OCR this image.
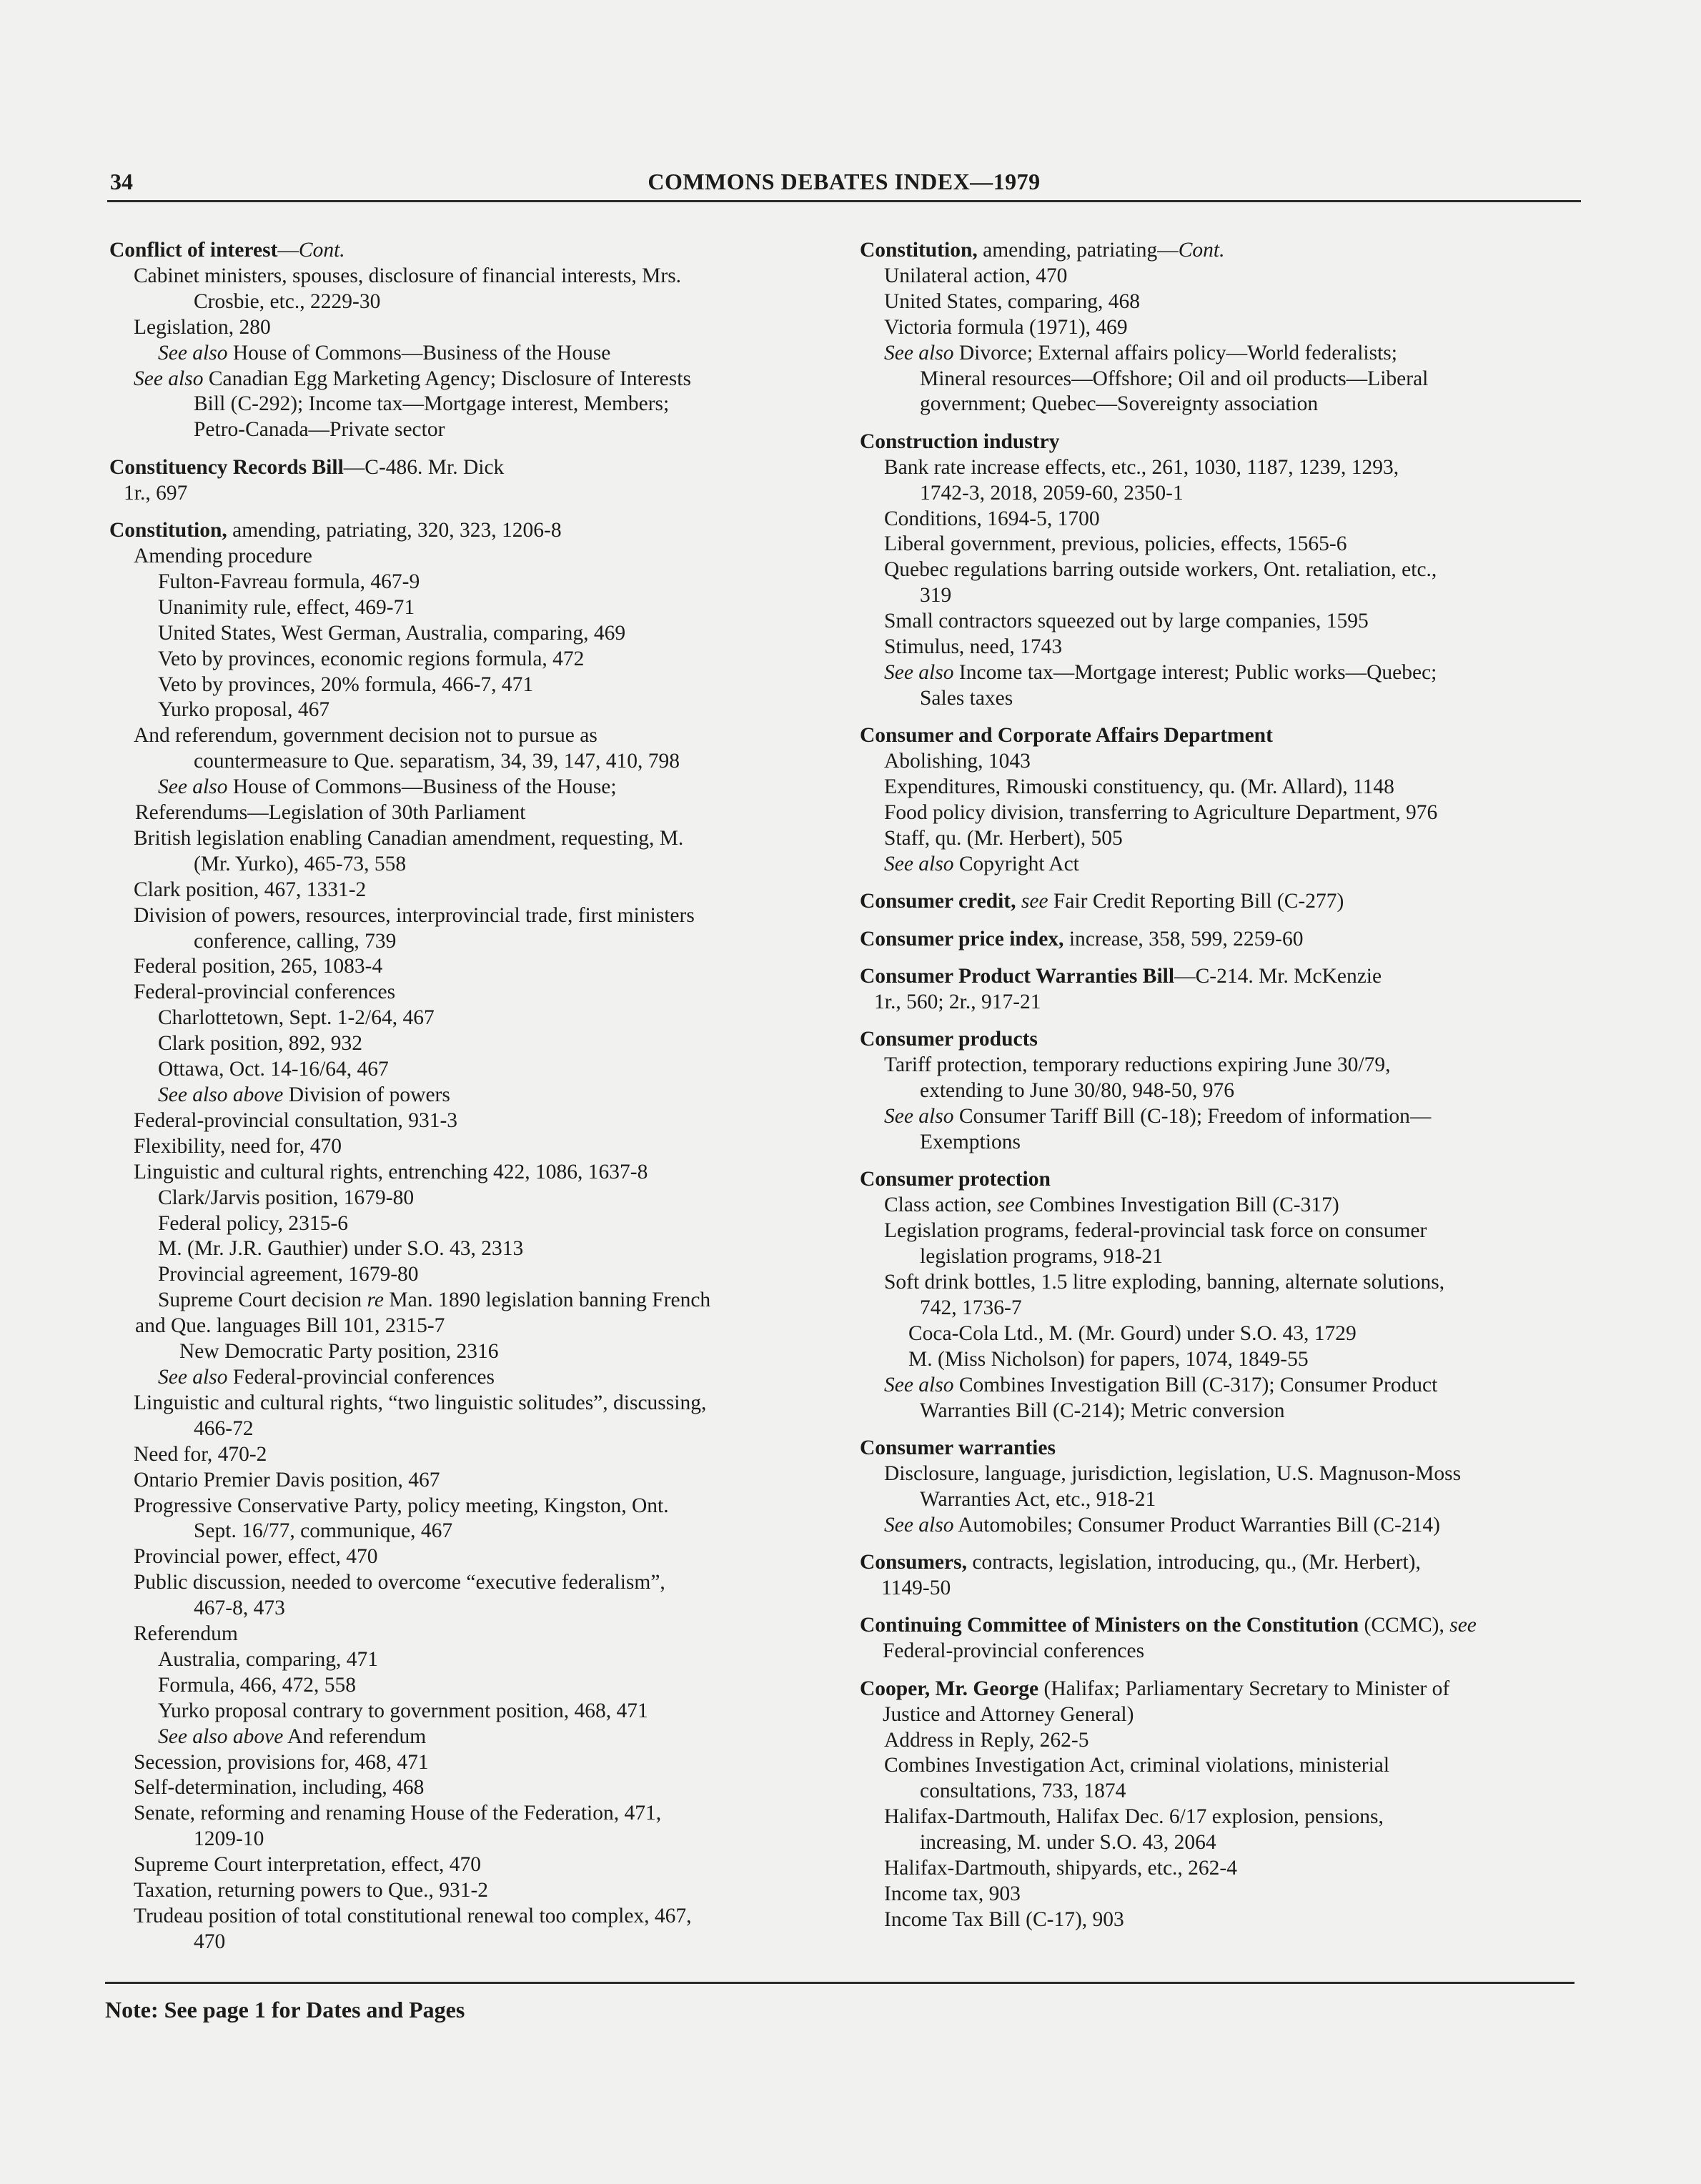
34	COMMONS DEBATES INDEX—1979
Conflict of interest—Cont.
Cabinet ministers, spouses, disclosure of financial interests, Mrs.
Crosbie, etc., 2229-30
Legislation, 280
See also House of Commons—Business of the House
See also Canadian Egg Marketing Agency; Disclosure of Interests
Bill (C-292); Income tax—Mortgage interest, Members;
Petro-Canada—Private sector
Constituency Records Bill—C-486. Mr. Dick
1r., 697
Constitution, amending, patriating, 320, 323, 1206-8
Amending procedure
Fulton-Favreau formula, 467-9
Unanimity rule, effect, 469-71
United States, West German, Australia, comparing, 469
Veto by provinces, economic regions formula, 472
Veto by provinces, 20% formula, 466-7, 471
Yurko proposal, 467
And referendum, government decision not to pursue as
countermeasure to Que. separatism, 34, 39, 147, 410, 798
See also House of Commons—Business of the House;
Referendums—Legislation of 30th Parliament
British legislation enabling Canadian amendment, requesting, M.
(Mr. Yurko), 465-73, 558
Clark position, 467, 1331-2
Division of powers, resources, interprovincial trade, first ministers
conference, calling, 739
Federal position, 265, 1083-4
Federal-provincial conferences
Charlottetown, Sept. 1-2/64, 467
Clark position, 892, 932
Ottawa, Oct. 14-16/64, 467
See also above Division of powers
Federal-provincial consultation, 931-3
Flexibility, need for, 470
Linguistic and cultural rights, entrenching 422, 1086, 1637-8
Clark/Jarvis position, 1679-80
Federal policy, 2315-6
M. (Mr. J.R. Gauthier) under S.O. 43, 2313
Provincial agreement, 1679-80
Supreme Court decision re Man. 1890 legislation banning French
and Que. languages Bill 101, 2315-7
New Democratic Party position, 2316
See also Federal-provincial conferences
Linguistic and cultural rights, “two linguistic solitudes”, discussing,
466-72
Need for, 470-2
Ontario Premier Davis position, 467
Progressive Conservative Party, policy meeting, Kingston, Ont.
Sept. 16/77, communique, 467
Provincial power, effect, 470
Public discussion, needed to overcome “executive federalism”,
467-8, 473
Referendum
Australia, comparing, 471
Formula, 466, 472, 558
Yurko proposal contrary to government position, 468, 471
See also above And referendum
Secession, provisions for, 468, 471
Self-determination, including, 468
Senate, reforming and renaming House of the Federation, 471,
1209-10
Supreme Court interpretation, effect, 470
Taxation, returning powers to Que., 931-2
Trudeau position of total constitutional renewal too complex, 467,
470
Constitution, amending, patriating—Cont.
Unilateral action, 470
United States, comparing, 468
Victoria formula (1971), 469
See also Divorce; External affairs policy—World federalists;
Mineral resources—Offshore; Oil and oil products—Liberal
government; Quebec—Sovereignty association
Construction industry
Bank rate increase effects, etc., 261, 1030, 1187, 1239, 1293,
1742-3, 2018, 2059-60, 2350-1
Conditions, 1694-5, 1700
Liberal government, previous, policies, effects, 1565-6
Quebec regulations barring outside workers, Ont. retaliation, etc.,
319
Small contractors squeezed out by large companies, 1595
Stimulus, need, 1743
See also Income tax—Mortgage interest; Public works—Quebec;
Sales taxes
Consumer and Corporate Affairs Department
Abolishing, 1043
Expenditures, Rimouski constituency, qu. (Mr. Allard), 1148
Food policy division, transferring to Agriculture Department, 976
Staff, qu. (Mr. Herbert), 505
See also Copyright Act
Consumer credit, see Fair Credit Reporting Bill (C-277)
Consumer price index, increase, 358, 599, 2259-60
Consumer Product Warranties Bill—C-214. Mr. McKenzie
1r., 560; 2r., 917-21
Consumer products
Tariff protection, temporary reductions expiring June 30/79,
extending to June 30/80, 948-50, 976
See also Consumer Tariff Bill (C-18); Freedom of information—
Exemptions
Consumer protection
Class action, see Combines Investigation Bill (C-317)
Legislation programs, federal-provincial task force on consumer
legislation programs, 918-21
Soft drink bottles, 1.5 litre exploding, banning, alternate solutions,
742, 1736-7
Coca-Cola Ltd., M. (Mr. Gourd) under S.O. 43, 1729
M. (Miss Nicholson) for papers, 1074, 1849-55
See also Combines Investigation Bill (C-317); Consumer Product
Warranties Bill (C-214); Metric conversion
Consumer warranties
Disclosure, language, jurisdiction, legislation, U.S. Magnuson-Moss
Warranties Act, etc., 918-21
See also Automobiles; Consumer Product Warranties Bill (C-214)
Consumers, contracts, legislation, introducing, qu., (Mr. Herbert),
1149-50
Continuing Committee of Ministers on the Constitution (CCMC), see
Federal-provincial conferences
Cooper, Mr. George (Halifax; Parliamentary Secretary to Minister of
Justice and Attorney General)
Address in Reply, 262-5
Combines Investigation Act, criminal violations, ministerial
consultations, 733, 1874
Halifax-Dartmouth, Halifax Dec. 6/17 explosion, pensions,
increasing, M. under S.O. 43, 2064
Halifax-Dartmouth, shipyards, etc., 262-4
Income tax, 903
Income Tax Bill (C-17), 903
Note: See page 1 for Dates and Pages
